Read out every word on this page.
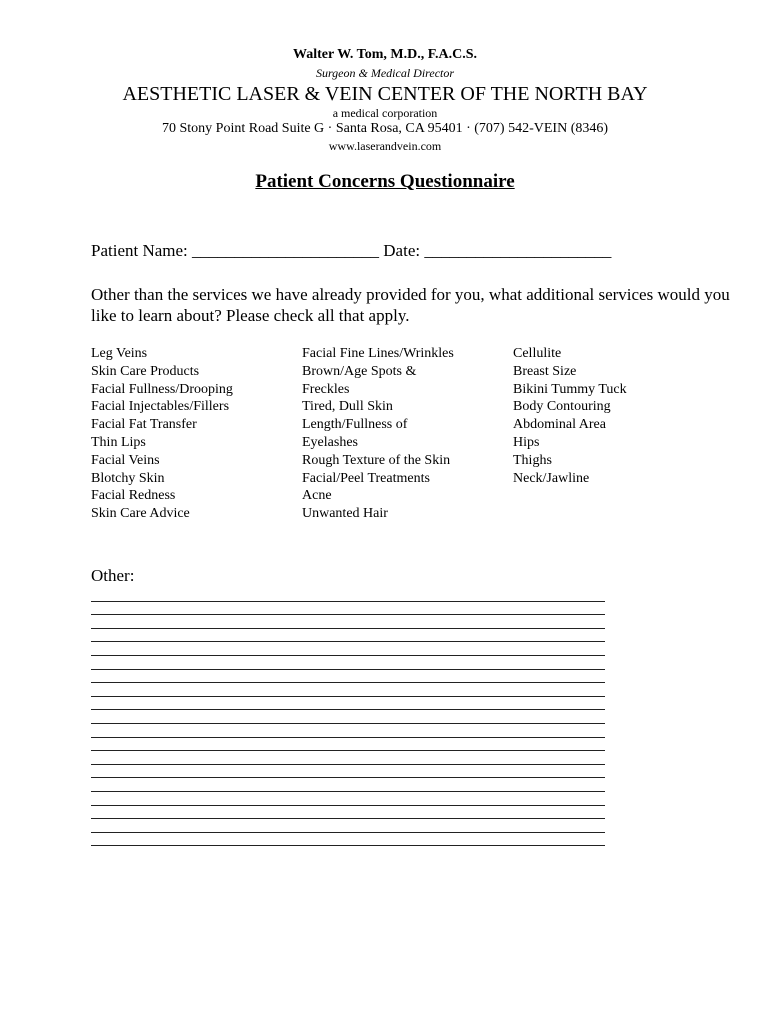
Walter W. Tom, M.D., F.A.C.S.
Surgeon & Medical Director
AESTHETIC LASER & VEIN CENTER OF THE NORTH BAY
a medical corporation
70 Stony Point Road Suite G · Santa Rosa, CA 95401 · (707) 542-VEIN (8346)
www.laserandvein.com
Patient Concerns Questionnaire
Patient Name: ______________________ Date: ______________________
Other than the services we have already provided for you, what additional services would you like to learn about? Please check all that apply.
Leg Veins
Skin Care Products
Facial Fullness/Drooping
Facial Injectables/Fillers
Facial Fat Transfer
Thin Lips
Facial Veins
Blotchy Skin
Facial Redness
Skin Care Advice
Facial Fine Lines/Wrinkles
Brown/Age Spots &
Freckles
Tired, Dull Skin
Length/Fullness of
Eyelashes
Rough Texture of the Skin
Facial/Peel Treatments
Acne
Unwanted Hair
Cellulite
Breast Size
Bikini Tummy Tuck
Body Contouring
Abdominal Area
Hips
Thighs
Neck/Jawline
Other:
